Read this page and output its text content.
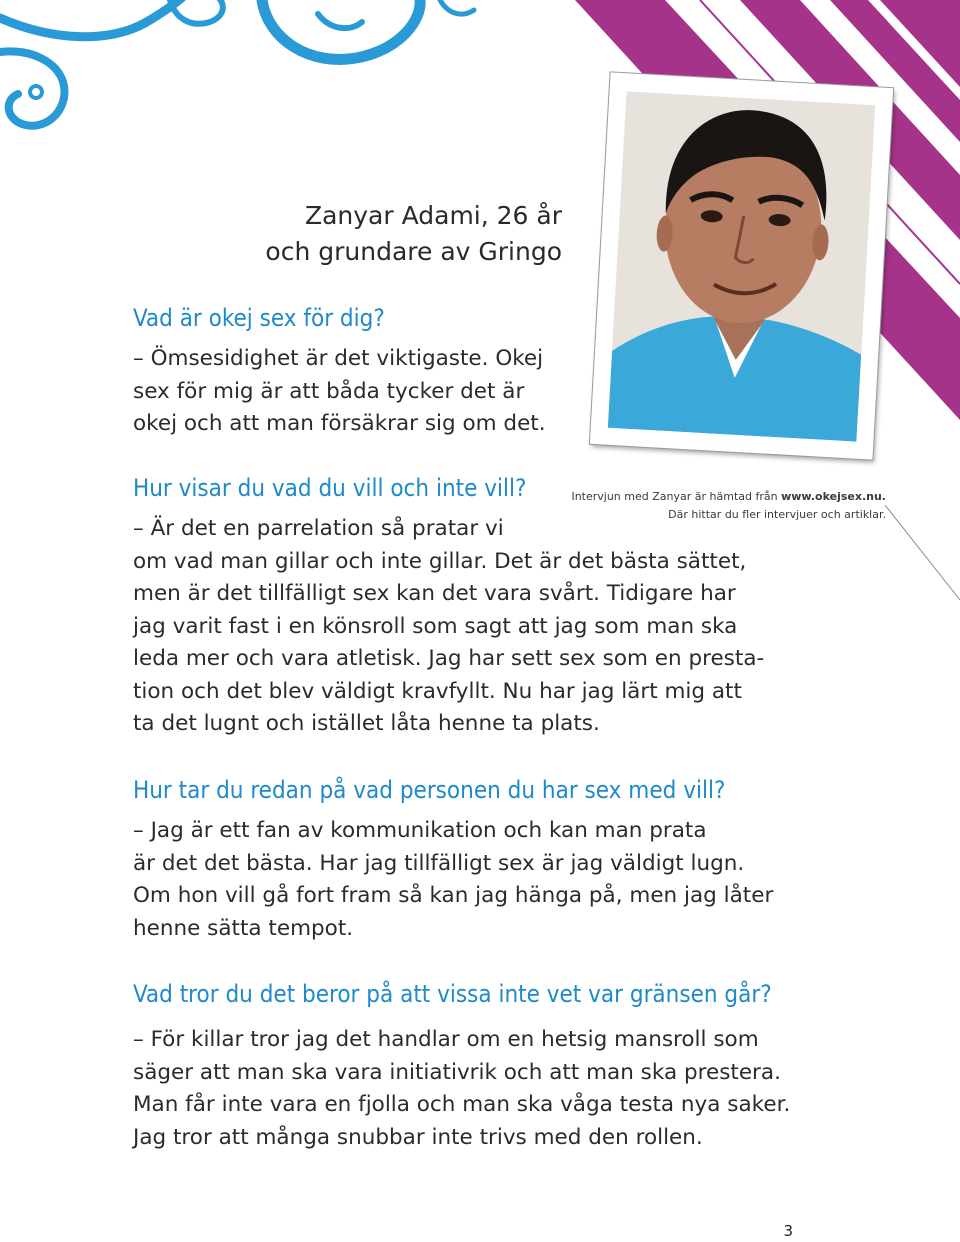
Zanyar Adami, 26 år
och grundare av Gringo
Intervjun med Zanyar är hämtad från www.okejsex.nu.
Där hittar du fler intervjuer och artiklar.
Vad är okej sex för dig?
– Ömsesidighet är det viktigaste. Okej
sex för mig är att båda tycker det är
okej och att man försäkrar sig om det.
Hur visar du vad du vill och inte vill?
– Är det en parrelation så pratar vi
om vad man gillar och inte gillar. Det är det bästa sättet,
men är det tillfälligt sex kan det vara svårt. Tidigare har
jag varit fast i en könsroll som sagt att jag som man ska
leda mer och vara atletisk. Jag har sett sex som en presta-
tion och det blev väldigt kravfyllt. Nu har jag lärt mig att
ta det lugnt och istället låta henne ta plats.
Hur tar du redan på vad personen du har sex med vill?
– Jag är ett fan av kommunikation och kan man prata
är det det bästa. Har jag tillfälligt sex är jag väldigt lugn.
Om hon vill gå fort fram så kan jag hänga på, men jag låter
henne sätta tempot.
Vad tror du det beror på att vissa inte vet var gränsen går?
– För killar tror jag det handlar om en hetsig mansroll som
säger att man ska vara initiativrik och att man ska prestera.
Man får inte vara en fjolla och man ska våga testa nya saker.
Jag tror att många snubbar inte trivs med den rollen.
3
